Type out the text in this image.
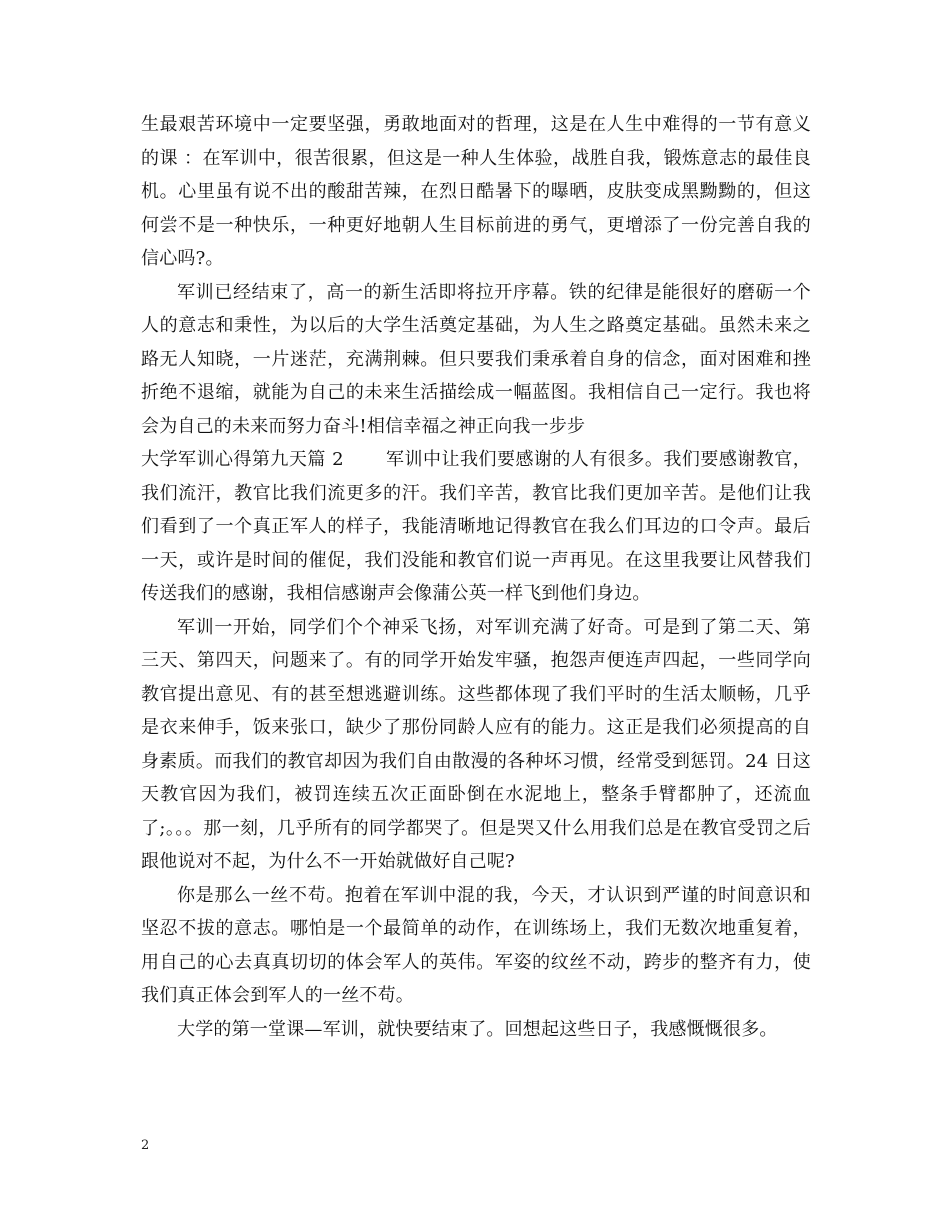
生最艰苦环境中一定要坚强，勇敢地面对的哲理，这是在人生中难得的一节有意义的课 ：在军训中，很苦很累，但这是一种人生体验，战胜自我，锻炼意志的最佳良机。心里虽有说不出的酸甜苦辣，在烈日酷暑下的曝晒，皮肤变成黑黝黝的，但这何尝不是一种快乐，一种更好地朝人生目标前进的勇气，更增添了一份完善自我的信心吗?。

军训已经结束了，高一的新生活即将拉开序幕。铁的纪律是能很好的磨砺一个人的意志和秉性，为以后的大学生活奠定基础，为人生之路奠定基础。虽然未来之路无人知晓，一片迷茫，充满荆棘。但只要我们秉承着自身的信念，面对困难和挫折绝不退缩，就能为自己的未来生活描绘成一幅蓝图。我相信自己一定行。我也将会为自己的未来而努力奋斗!相信幸福之神正向我一步步

大学军训心得第九天篇 2 军训中让我们要感谢的人有很多。我们要感谢教官，我们流汗，教官比我们流更多的汗。我们辛苦，教官比我们更加辛苦。是他们让我们看到了一个真正军人的样子，我能清晰地记得教官在我么们耳边的口令声。最后一天，或许是时间的催促，我们没能和教官们说一声再见。在这里我要让风替我们传送我们的感谢，我相信感谢声会像蒲公英一样飞到他们身边。

军训一开始，同学们个个神采飞扬，对军训充满了好奇。可是到了第二天、第三天、第四天，问题来了。有的同学开始发牢骚，抱怨声便连声四起，一些同学向教官提出意见、有的甚至想逃避训练。这些都体现了我们平时的生活太顺畅，几乎是衣来伸手，饭来张口，缺少了那份同龄人应有的能力。这正是我们必须提高的自身素质。而我们的教官却因为我们自由散漫的各种坏习惯，经常受到惩罚。24 日这天教官因为我们，被罚连续五次正面卧倒在水泥地上，整条手臂都肿了，还流血了;。。。那一刻，几乎所有的同学都哭了。但是哭又什么用我们总是在教官受罚之后跟他说对不起，为什么不一开始就做好自己呢?

你是那么一丝不苟。抱着在军训中混的我，今天，才认识到严谨的时间意识和坚忍不拔的意志。哪怕是一个最简单的动作，在训练场上，我们无数次地重复着，用自己的心去真真切切的体会军人的英伟。军姿的纹丝不动，跨步的整齐有力，使我们真正体会到军人的一丝不苟。

大学的第一堂课—军训，就快要结束了。回想起这些日子，我感慨慨很多。

2
